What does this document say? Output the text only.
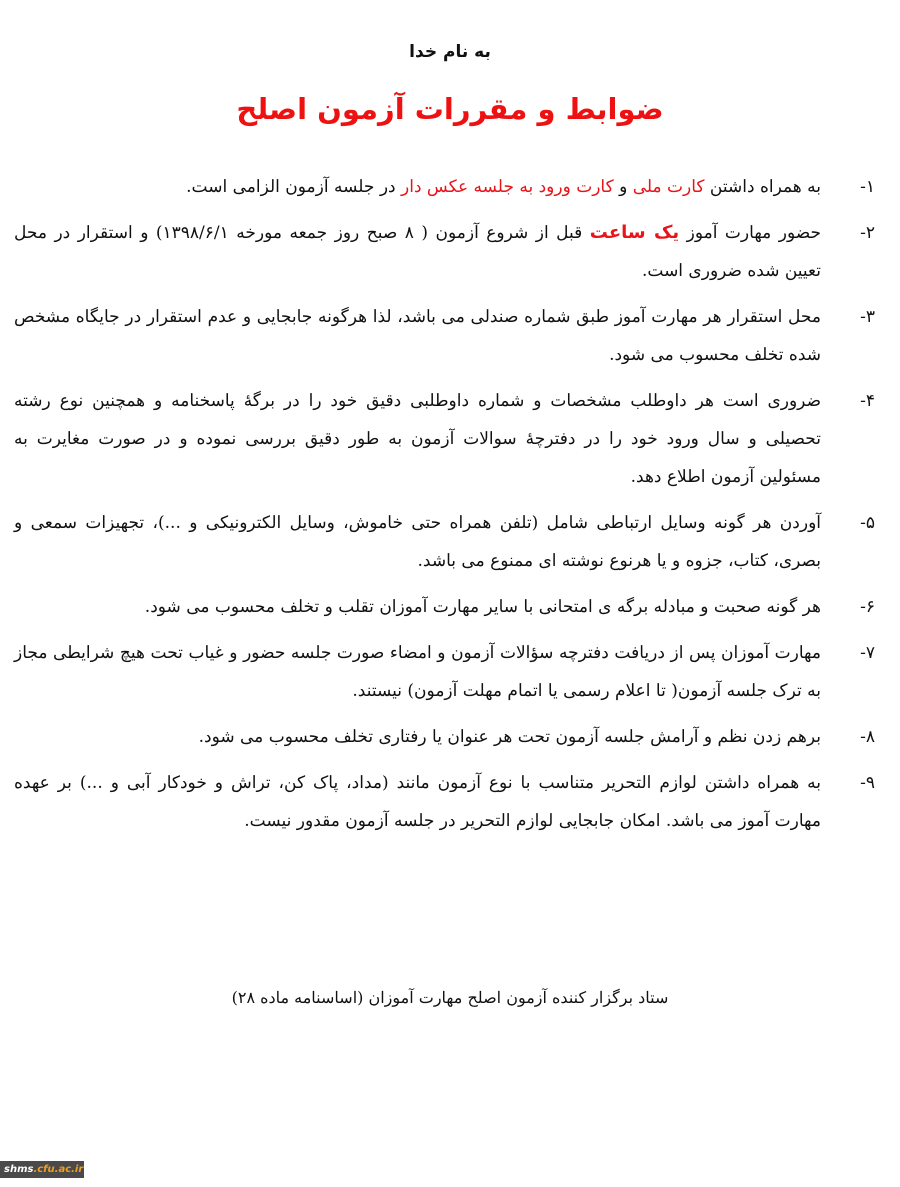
به نام خدا
ضوابط و مقررات آزمون اصلح
۱-
به همراه داشتن کارت ملی و کارت ورود به جلسه عکس دار در جلسه آزمون الزامی است.
۲-
حضور مهارت آموز یک ساعت قبل از شروع آزمون ( ۸ صبح روز جمعه مورخه ۱۳۹۸/۶/۱) و استقرار در محل تعیین شده ضروری است.
۳-
محل استقرار هر مهارت آموز طبق شماره صندلی می باشد، لذا هرگونه جابجایی و عدم استقرار در جایگاه مشخص شده تخلف محسوب می شود.
۴-
ضروری است هر داوطلب مشخصات و شماره داوطلبی دقیق خود را در برگهٔ پاسخنامه و همچنین نوع رشته تحصیلی و سال ورود خود را در دفترچهٔ سوالات آزمون به طور دقیق بررسی نموده و در صورت مغایرت به مسئولین آزمون اطلاع دهد.
۵-
آوردن هر گونه وسایل ارتباطی شامل (تلفن همراه حتی خاموش، وسایل الکترونیکی و ...)، تجهیزات سمعی و بصری، کتاب، جزوه و یا هرنوع نوشته ای ممنوع می باشد.
۶-
هر گونه صحبت و مبادله برگه ی امتحانی با سایر مهارت آموزان تقلب و تخلف محسوب می شود.
۷-
مهارت آموزان پس از دریافت دفترچه سؤالات آزمون و امضاء صورت جلسه حضور و غیاب تحت هیچ شرایطی مجاز به ترک جلسه آزمون( تا اعلام رسمی یا اتمام مهلت آزمون) نیستند.
۸-
برهم زدن نظم و آرامش جلسه آزمون تحت هر عنوان یا رفتاری تخلف محسوب می شود.
۹-
به همراه داشتن لوازم التحریر متناسب با نوع آزمون مانند (مداد، پاک کن، تراش و خودکار آبی و ...) بر عهده مهارت آموز می باشد. امکان جابجایی لوازم التحریر در جلسه آزمون مقدور نیست.
ستاد برگزار کننده آزمون اصلح مهارت آموزان (اساسنامه ماده ۲۸)
shms.cfu.ac.ir
